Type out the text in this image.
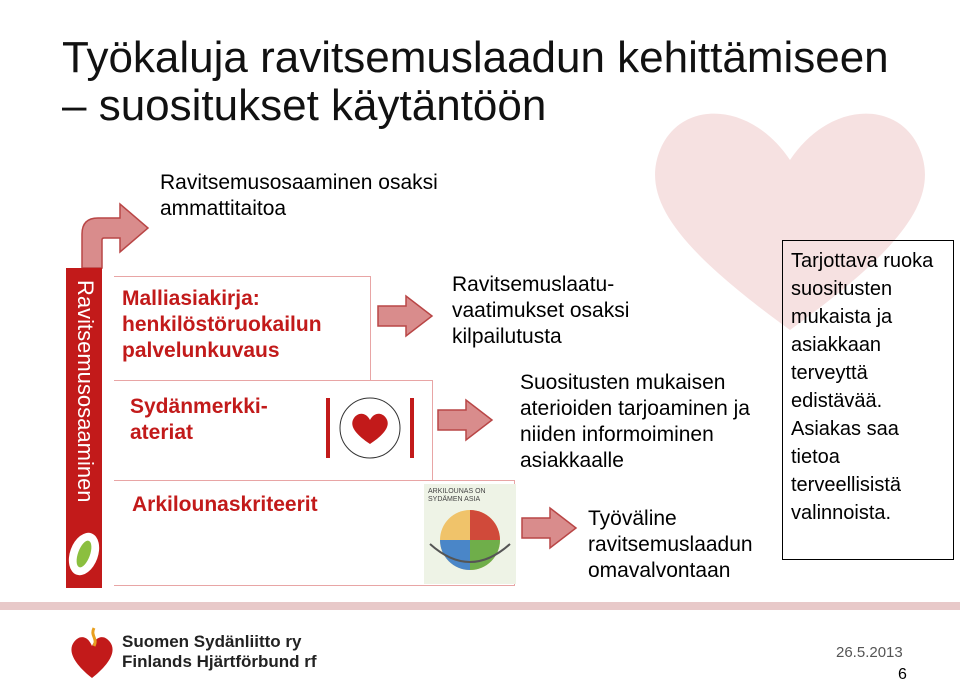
Työkaluja ravitsemuslaadun kehittämiseen – suositukset käytäntöön
Ravitsemusosaaminen osaksi ammattitaitoa
Ravitsemusosaaminen Malliasiakirja: henkilöstöruokailun palvelunkuvaus
Sydänmerkki-ateriat
Arkilounaskriteerit
ARKILOUNAS ON SYDÄMEN ASIA
Ravitsemuslaatu-vaatimukset osaksi kilpailutusta
Suositusten mukaisen aterioiden tarjoaminen ja niiden informoiminen asiakkaalle
Työväline ravitsemuslaadun omavalvontaan
Tarjottava ruoka suositusten mukaista ja asiakkaan terveyttä edistävää. Asiakas saa tietoa terveellisistä valinnoista.
Suomen Sydänliitto ry
Finlands Hjärtförbund rf	26.5.2013
6
